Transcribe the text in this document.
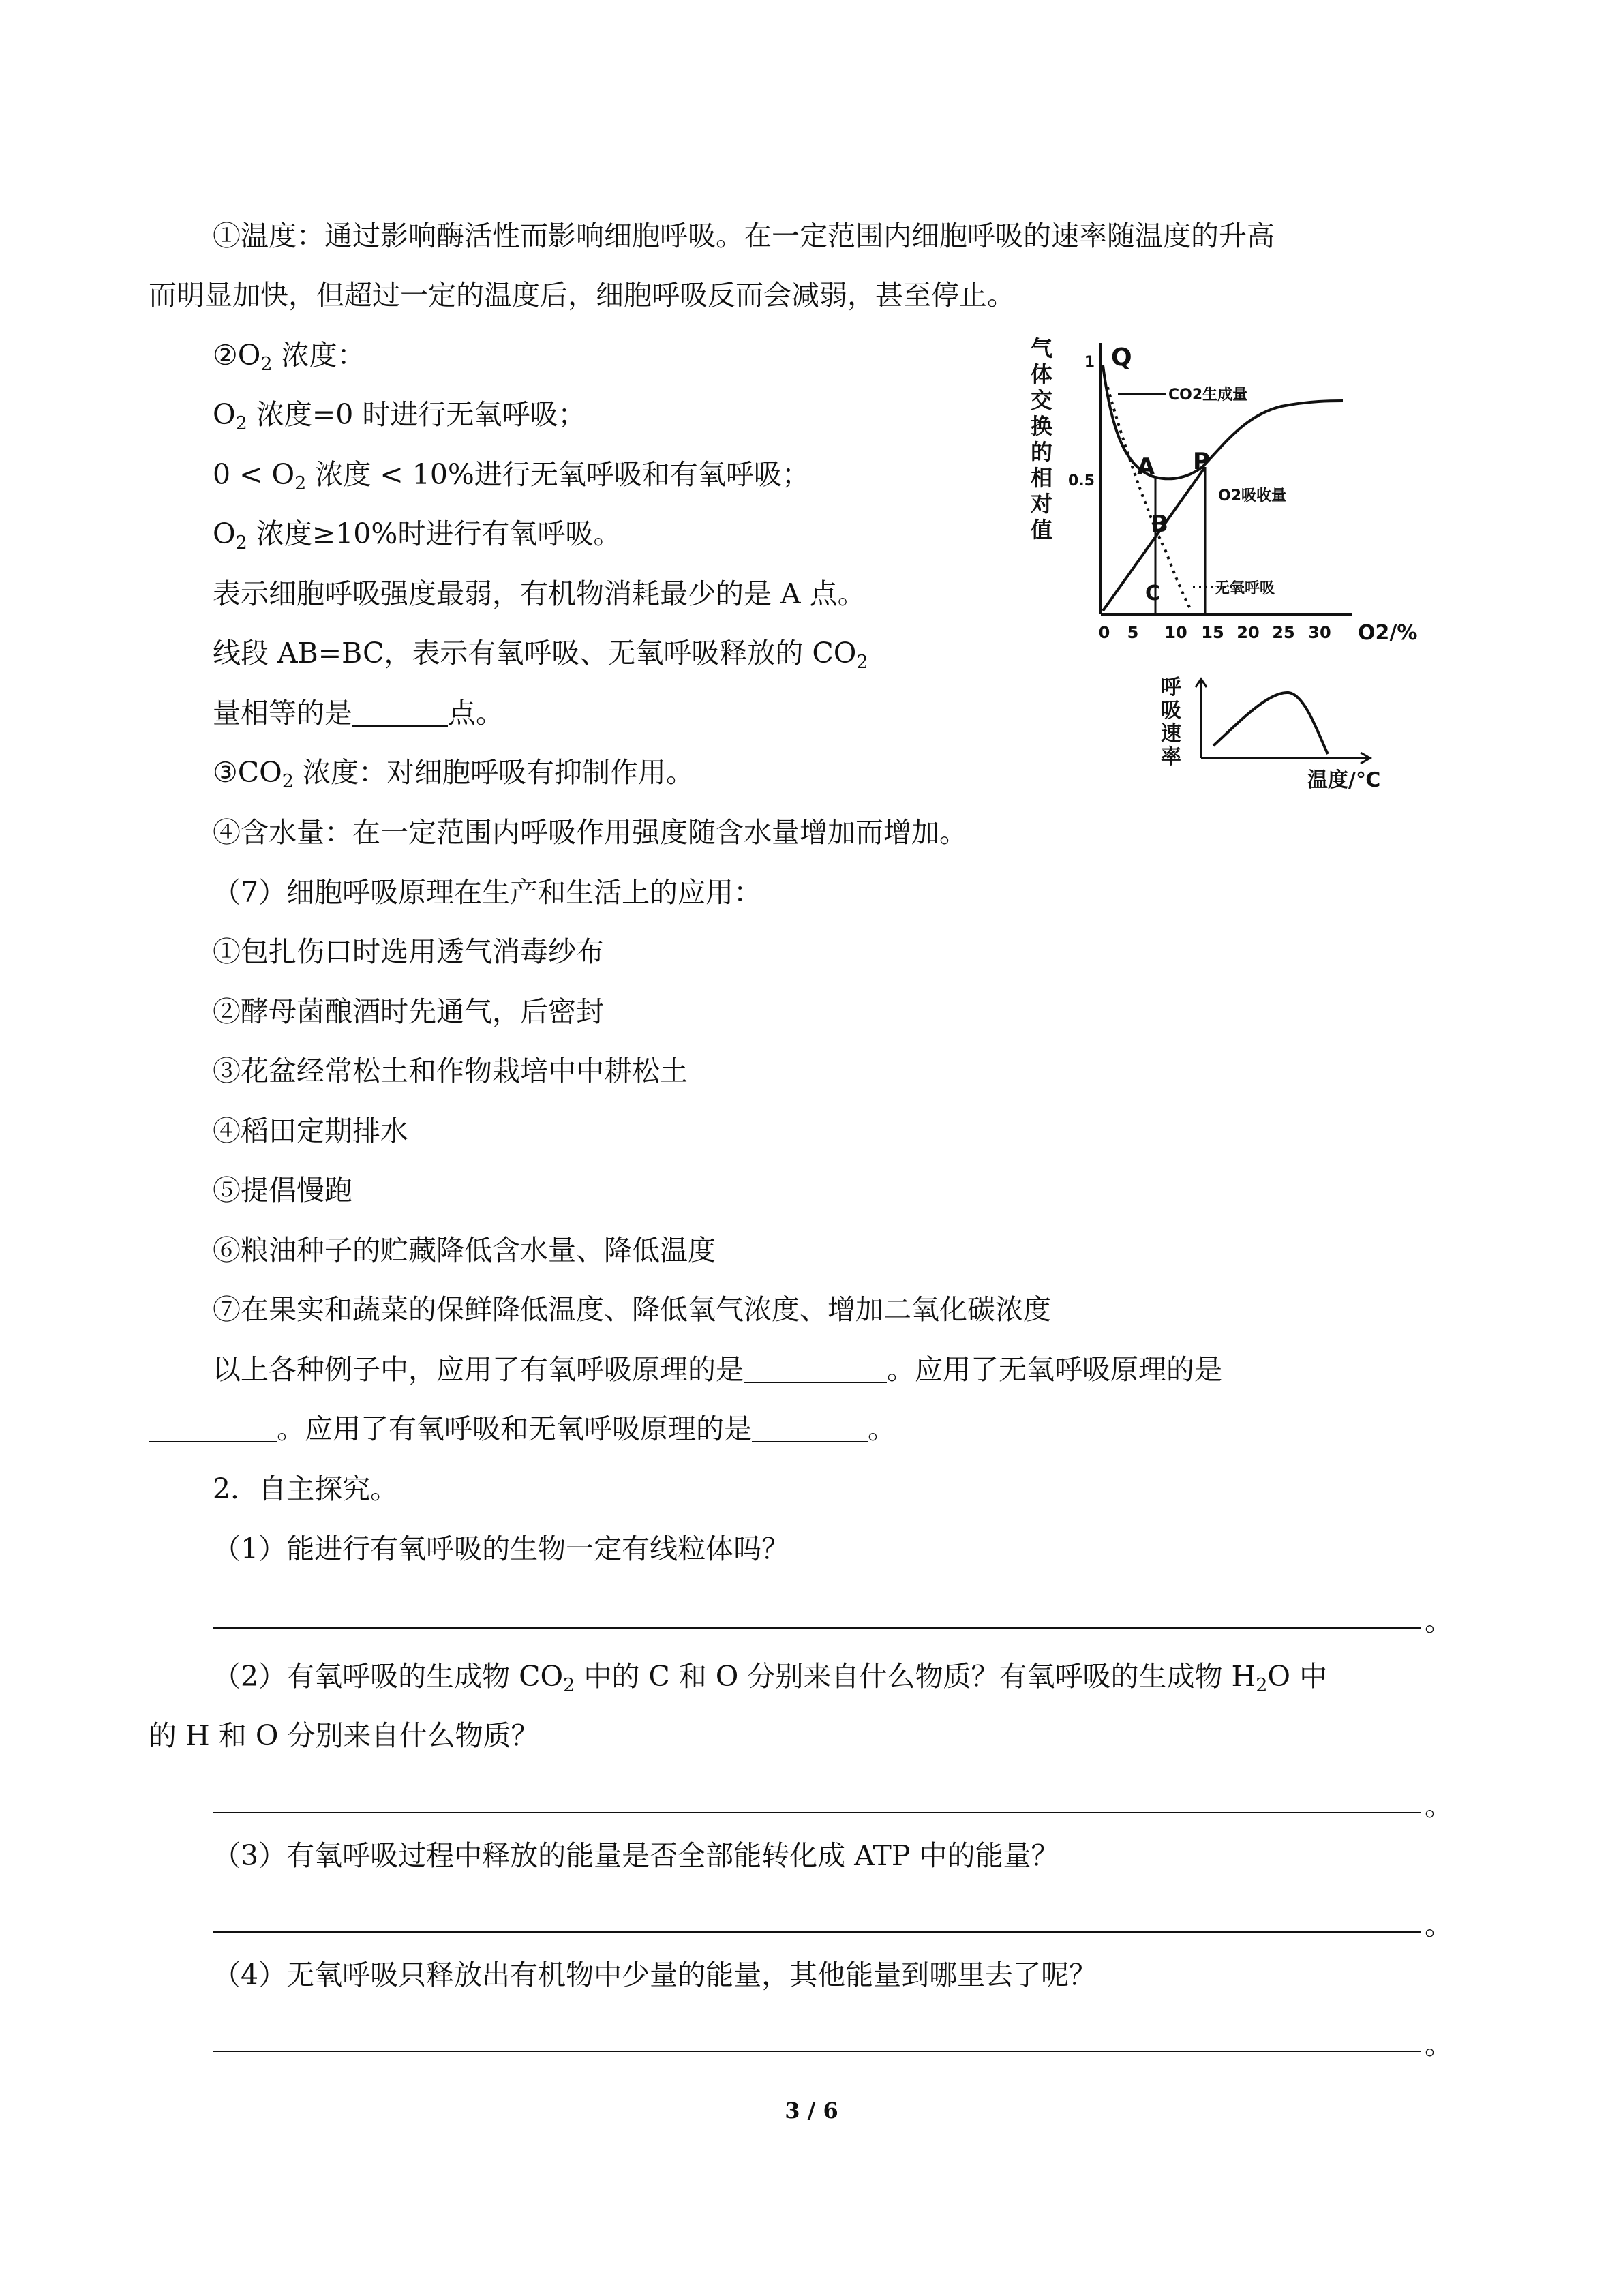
①温度：通过影响酶活性而影响细胞呼吸。在一定范围内细胞呼吸的速率随温度的升高
而明显加快，但超过一定的温度后，细胞呼吸反而会减弱，甚至停止。
$②O_2$ 浓度：
$O_2$ 浓度=0 时进行无氧呼吸；
$0 < O_2$ 浓度 < 10%进行无氧呼吸和有氧呼吸；
$O_2$ 浓度≥10%时进行有氧呼吸。
表示细胞呼吸强度最弱，有机物消耗最少的是 A 点。
线段 AB=BC，表示有氧呼吸、无氧呼吸释放的 $CO_2$
量相等的是	点。
$③CO_2$ 浓度：对细胞呼吸有抑制作用。
④含水量：在一定范围内呼吸作用强度随含水量增加而增加。
（7）细胞呼吸原理在生产和生活上的应用：
①包扎伤口时选用透气消毒纱布
②酵母菌酿酒时先通气，后密封
③花盆经常松土和作物栽培中中耕松土
④稻田定期排水
⑤提倡慢跑
⑥粮油种子的贮藏降低含水量、降低温度
⑦在果实和蔬菜的保鲜降低温度、降低氧气浓度、增加二氧化碳浓度
以上各种例子中，应用了有氧呼吸原理的是	。应用了无氧呼吸原理的是
。应用了有氧呼吸和无氧呼吸原理的是	。
2．自主探究。
（1）能进行有氧呼吸的生物一定有线粒体吗？
。
（2）有氧呼吸的生成物 $CO_2$ 中的 C 和 O 分别来自什么物质？有氧呼吸的生成物 $H_2O$ 中
的 H 和 O 分别来自什么物质？
。
（3）有氧呼吸过程中释放的能量是否全部能转化成 ATP 中的能量？
。
（4）无氧呼吸只释放出有机物中少量的能量，其他能量到哪里去了呢？
。
3 / 6
气
体
交
换
的
相
对
值
1
0.5
0 5 10 15 20 25 30 O2/%
Q
A P
B
C
CO2生成量
O2吸收量
无氧呼吸
呼
吸
速
率
温度/℃
